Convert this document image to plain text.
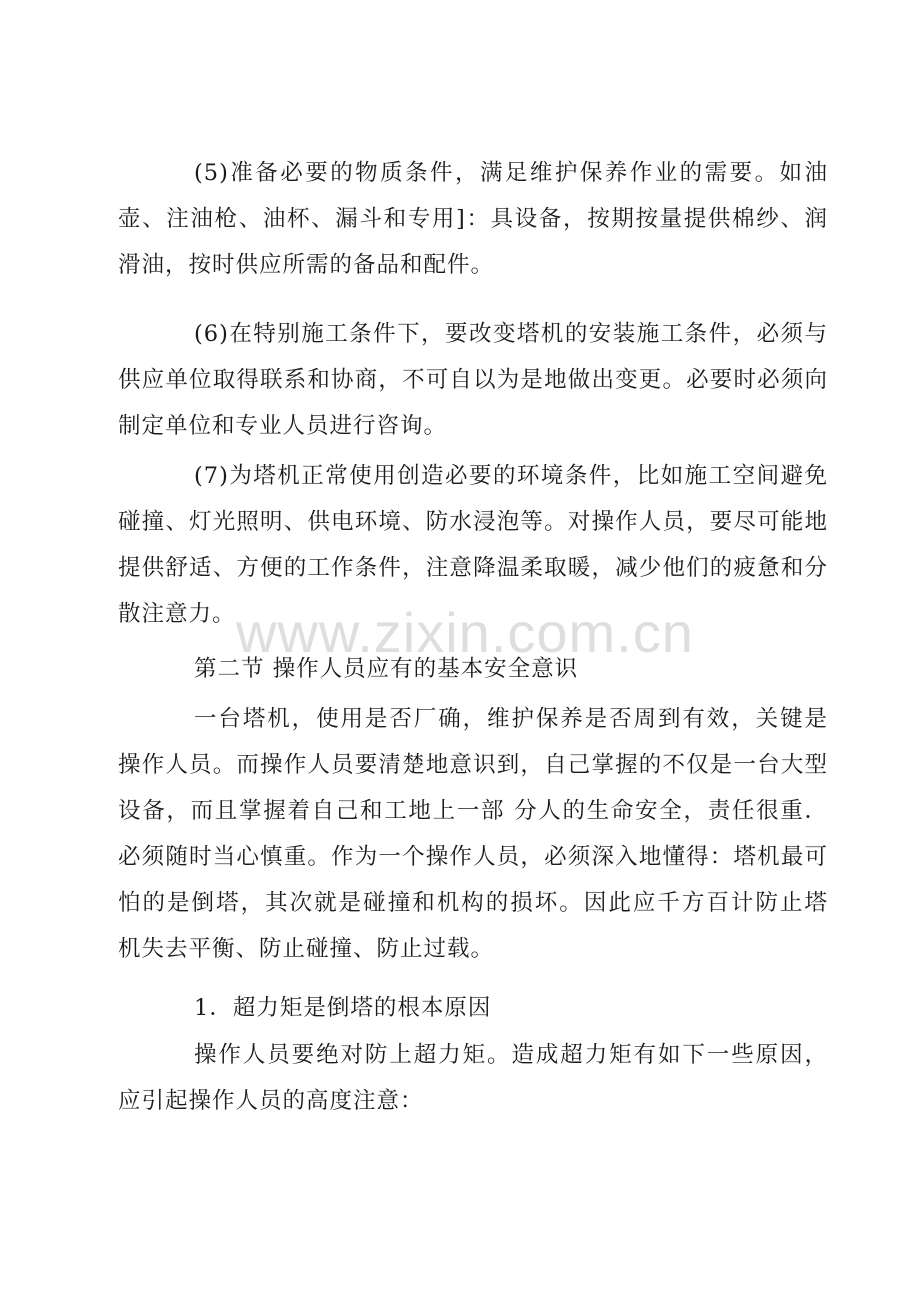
(5)准备必要的物质条件，满足维护保养作业的需要。如油壶、注油枪、油杯、漏斗和专用]：具设备，按期按量提供棉纱、润滑油，按时供应所需的备品和配件。

(6)在特别施工条件下，要改变塔机的安装施工条件，必须与供应单位取得联系和协商，不可自以为是地做出变更。必要时必须向制定单位和专业人员进行咨询。

(7)为塔机正常使用创造必要的环境条件，比如施工空间避免碰撞、灯光照明、供电环境、防水浸泡等。对操作人员，要尽可能地提供舒适、方便的工作条件，注意降温柔取暖，减少他们的疲惫和分散注意力。

第二节 操作人员应有的基本安全意识

一台塔机，使用是否厂确，维护保养是否周到有效，关键是操作人员。而操作人员要清楚地意识到，自己掌握的不仅是一台大型设备，而且掌握着自己和工地上一部 分人的生命安全，责任很重．必须随时当心慎重。作为一个操作人员，必须深入地懂得：塔机最可怕的是倒塔，其次就是碰撞和机构的损坏。因此应千方百计防止塔 机失去平衡、防止碰撞、防止过载。

1．超力矩是倒塔的根本原因

操作人员要绝对防上超力矩。造成超力矩有如下一些原因，应引起操作人员的高度注意：

www.zixin.com.cn
